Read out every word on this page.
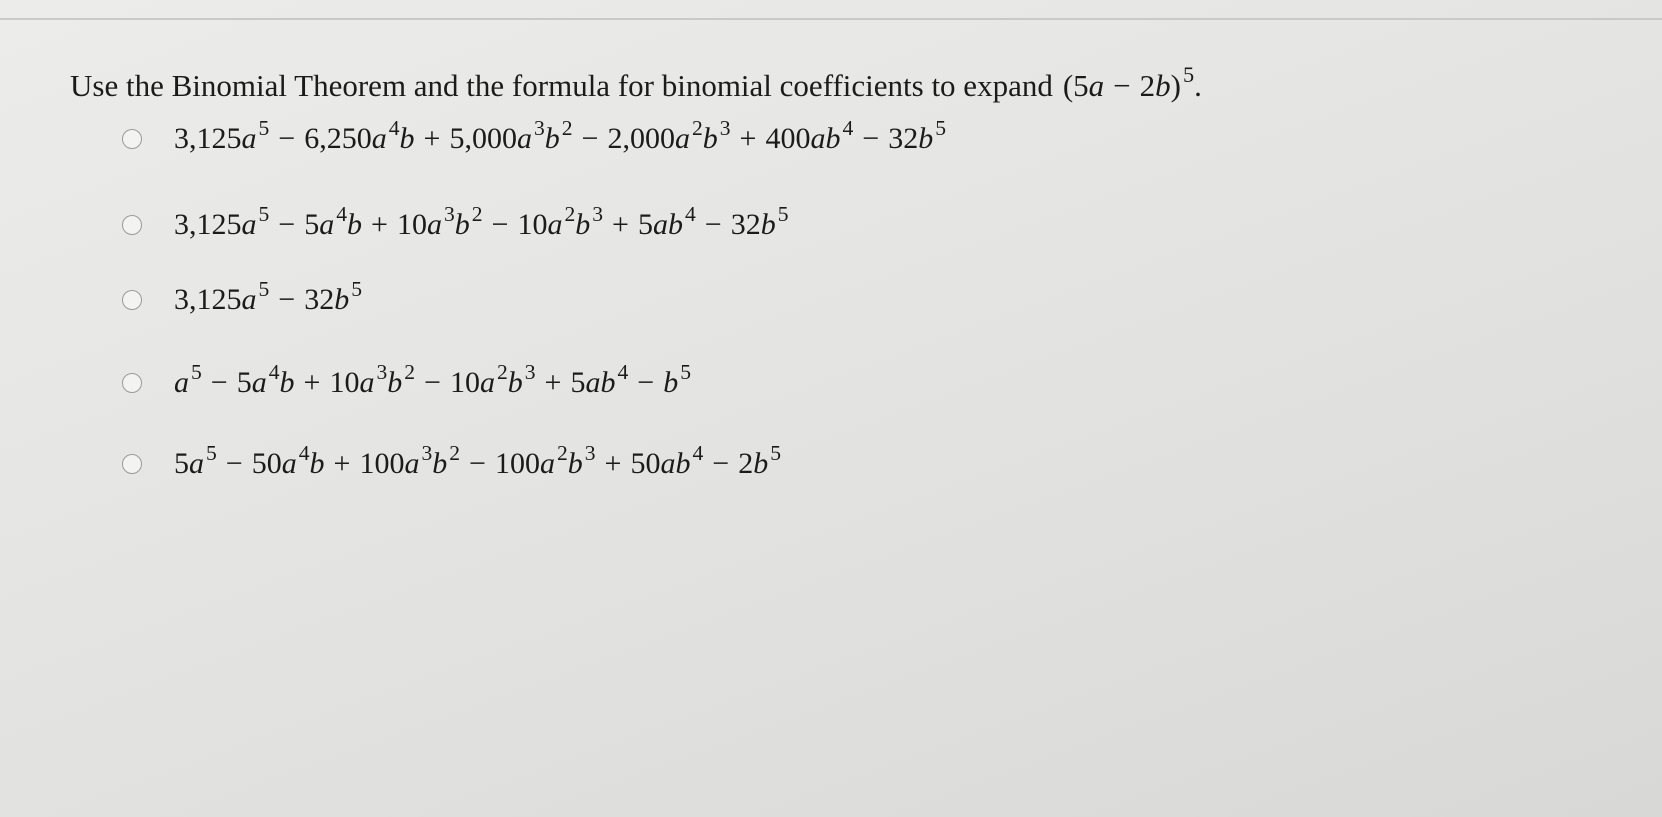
Use the Binomial Theorem and the formula for binomial coefficients to expand $(5a - 2b)^5$.
$3,125a^5 - 6,250a^4b + 5,000a^3b^2 - 2,000a^2b^3 + 400ab^4 - 32b^5$
$3,125a^5 - 5a^4b + 10a^3b^2 - 10a^2b^3 + 5ab^4 - 32b^5$
$3,125a^5 - 32b^5$
$a^5 - 5a^4b + 10a^3b^2 - 10a^2b^3 + 5ab^4 - b^5$
$5a^5 - 50a^4b + 100a^3b^2 - 100a^2b^3 + 50ab^4 - 2b^5$
